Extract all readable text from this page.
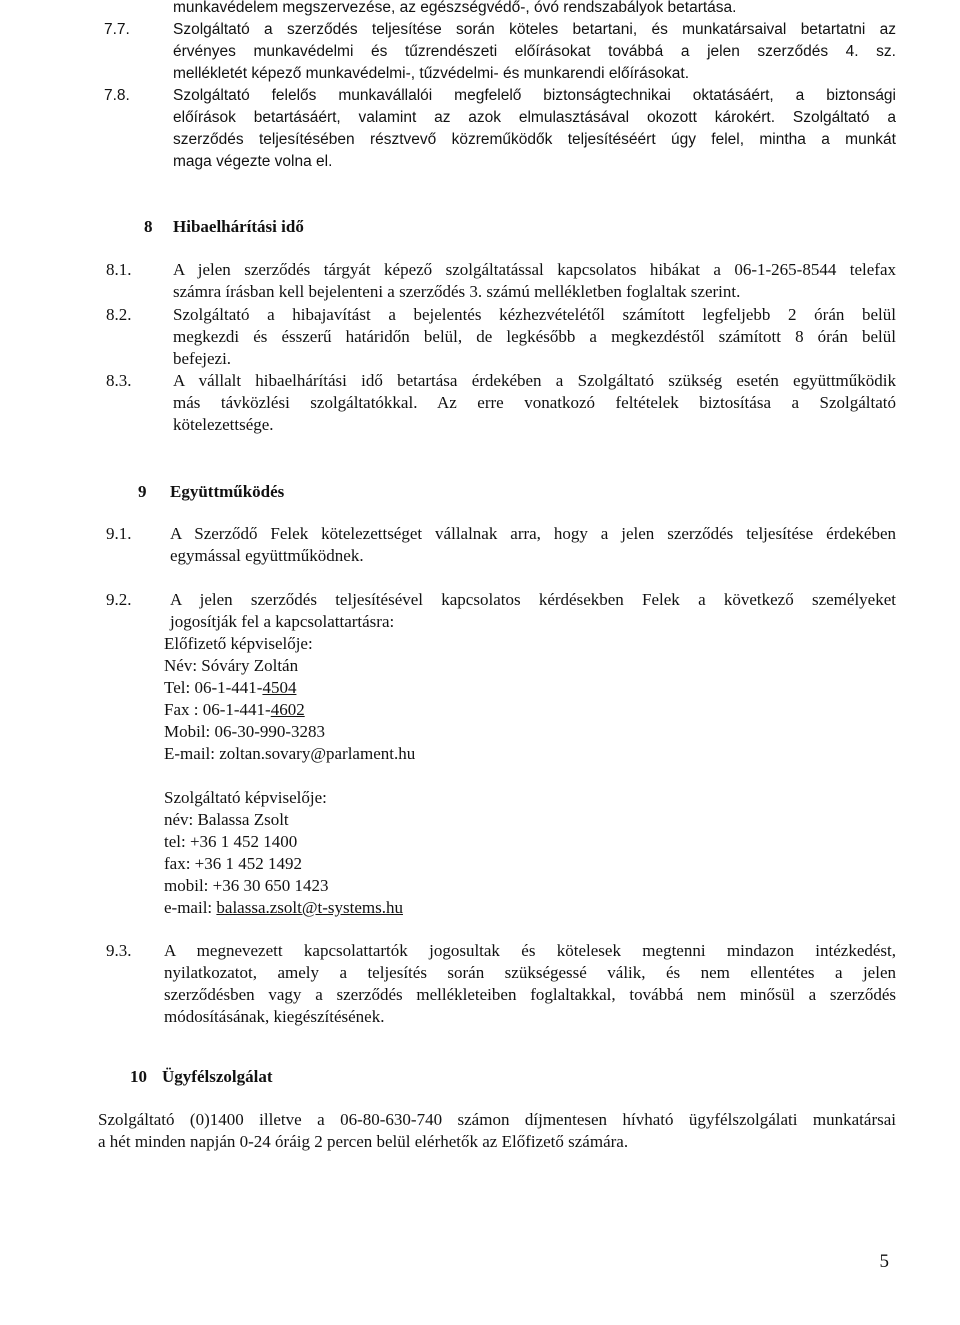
munkavédelem megszervezése, az egészségvédő-, óvó rendszabályok betartása.
7.7.	Szolgáltató a szerződés teljesítése során köteles betartani, és munkatársaival betartatni az
érvényes munkavédelmi és tűzrendészeti előírásokat továbbá a jelen szerződés 4. sz.
mellékletét képező munkavédelmi-, tűzvédelmi- és munkarendi előírásokat.
7.8.	Szolgáltató felelős munkavállalói megfelelő biztonságtechnikai oktatásáért, a biztonsági
előírások betartásáért, valamint az azok elmulasztásával okozott károkért. Szolgáltató a
szerződés teljesítésében résztvevő közreműködők teljesítéséért úgy felel, mintha a munkát
maga végezte volna el.
8 Hibaelhárítási idő
8.1. A jelen szerződés tárgyát képező szolgáltatással kapcsolatos hibákat a 06-1-265-8544 telefax
számra írásban kell bejelenteni a szerződés 3. számú mellékletben foglaltak szerint.
8.2. Szolgáltató a hibajavítást a bejelentés kézhezvételétől számított legfeljebb 2 órán belül
megkezdi és ésszerű határidőn belül, de legkésőbb a megkezdéstől számított 8 órán belül
befejezi.
8.3. A vállalt hibaelhárítási idő betartása érdekében a Szolgáltató szükség esetén együttműködik
más távközlési szolgáltatókkal. Az erre vonatkozó feltételek biztosítása a Szolgáltató
kötelezettsége.
9 Együttműködés
9.1. A Szerződő Felek kötelezettséget vállalnak arra, hogy a jelen szerződés teljesítése érdekében
egymással együttműködnek.
9.2. A jelen szerződés teljesítésével kapcsolatos kérdésekben Felek a következő személyeket
jogosítják fel a kapcsolattartásra:
Előfizető képviselője:
Név: Sóváry Zoltán
Tel: 06-1-441-4504
Fax : 06-1-441-4602
Mobil: 06-30-990-3283
E-mail: zoltan.sovary@parlament.hu
Szolgáltató képviselője:
név: Balassa Zsolt
tel: +36 1 452 1400
fax: +36 1 452 1492
mobil: +36 30 650 1423
e-mail: balassa.zsolt@t-systems.hu
9.3. A megnevezett kapcsolattartók jogosultak és kötelesek megtenni mindazon intézkedést,
nyilatkozatot, amely a teljesítés során szükségessé válik, és nem ellentétes a jelen
szerződésben vagy a szerződés mellékleteiben foglaltakkal, továbbá nem minősül a szerződés
módosításának, kiegészítésének.
10 Ügyfélszolgálat
Szolgáltató (0)1400 illetve a 06-80-630-740 számon díjmentesen hívható ügyfélszolgálati munkatársai
a hét minden napján 0-24 óráig 2 percen belül elérhetők az Előfizető számára.
5
